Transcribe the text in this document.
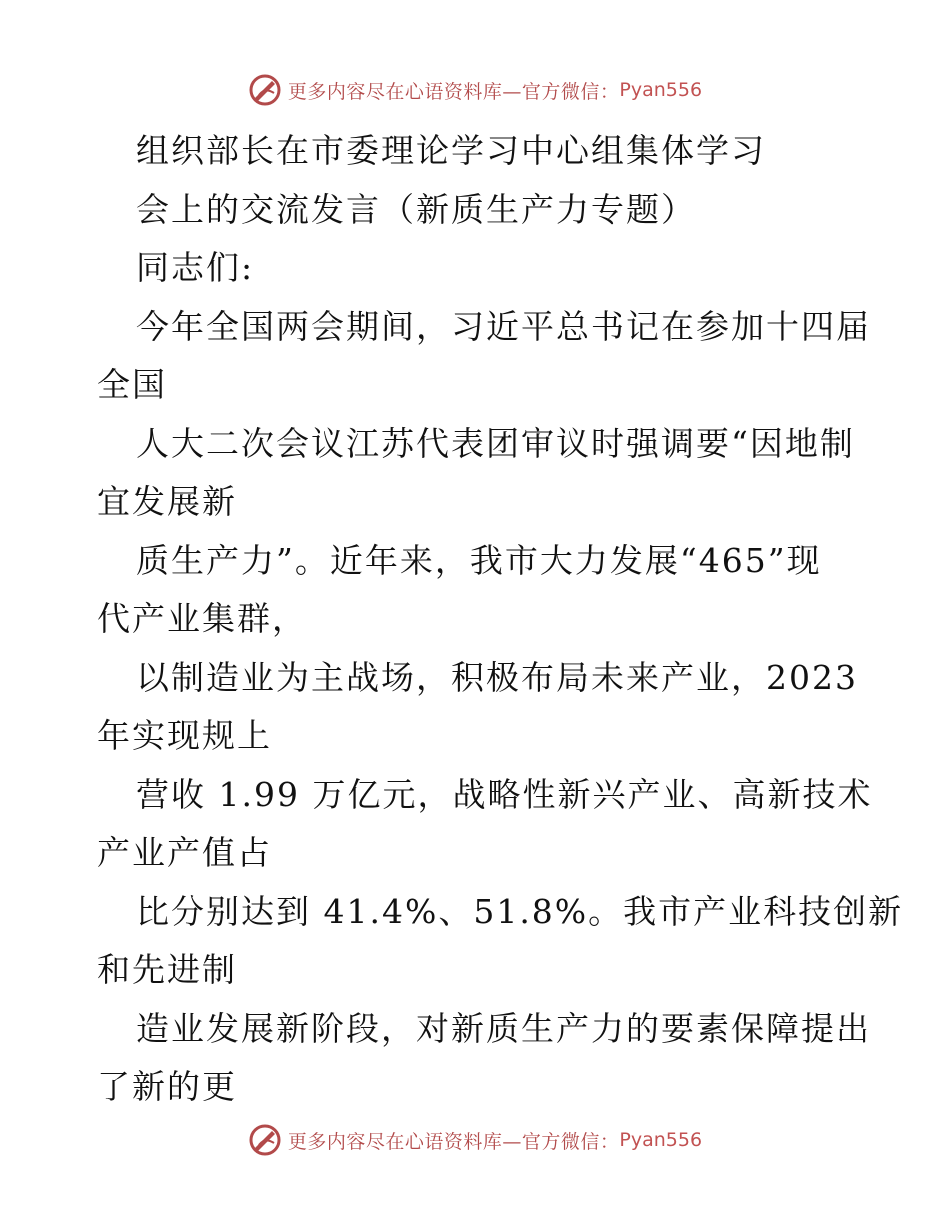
更多内容尽在心语资料库—官方微信： Pyan556
组织部长在市委理论学习中心组集体学习
会上的交流发言（新质生产力专题）
同志们:
今年全国两会期间，习近平总书记在参加十四届
全国
人大二次会议江苏代表团审议时强调要“因地制
宜发展新
质生产力”。近年来，我市大力发展“465”现
代产业集群，
以制造业为主战场，积极布局未来产业，2023
年实现规上
营收 1.99 万亿元，战略性新兴产业、高新技术
产业产值占
比分别达到 41.4%、51.8%。我市产业科技创新
和先进制
造业发展新阶段，对新质生产力的要素保障提出
了新的更
更多内容尽在心语资料库—官方微信： Pyan556
